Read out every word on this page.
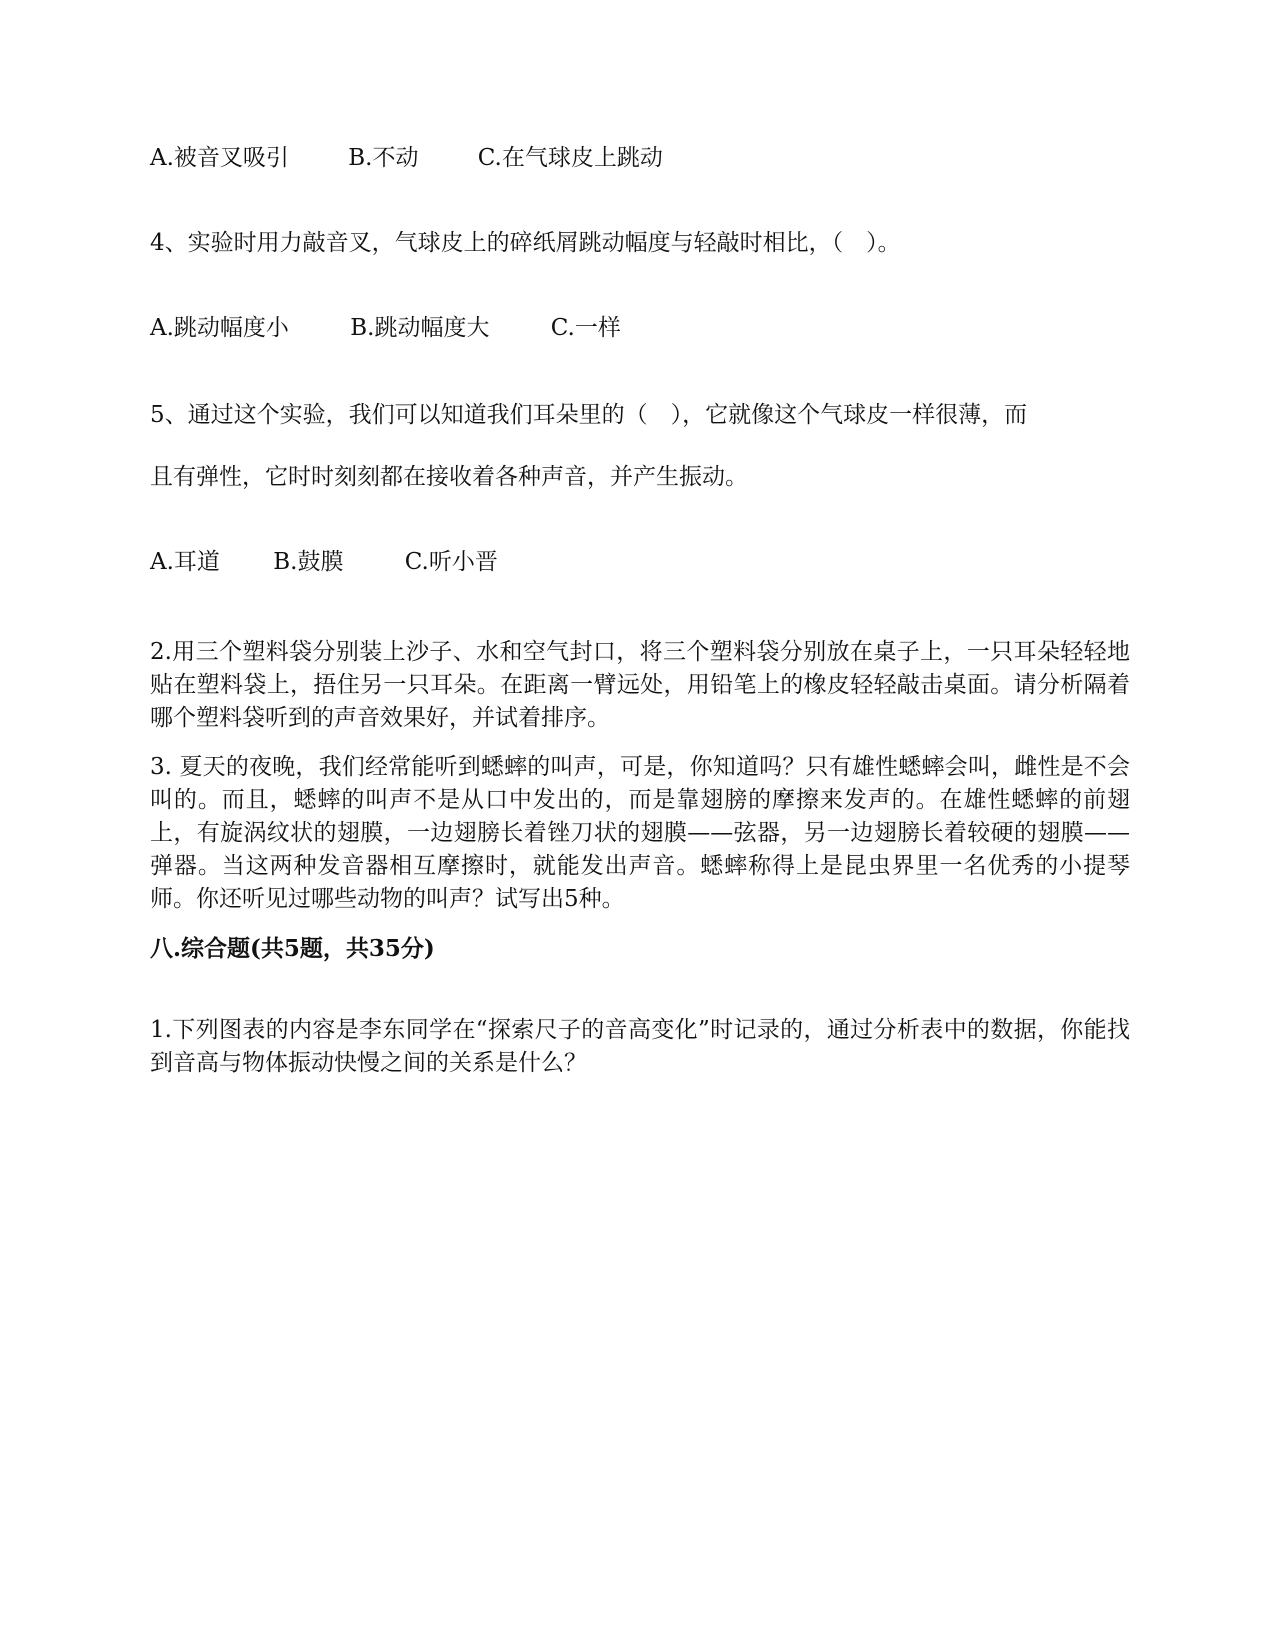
A.被音叉吸引	B.不动	C.在气球皮上跳动
4、实验时用力敲音叉，气球皮上的碎纸屑跳动幅度与轻敲时相比，（　）。
A.跳动幅度小	B.跳动幅度大	C.一样
5、通过这个实验，我们可以知道我们耳朵里的（　），它就像这个气球皮一样很薄，而
且有弹性，它时时刻刻都在接收着各种声音，并产生振动。
A.耳道 B.鼓膜	C.听小晋
2.用三个塑料袋分别装上沙子、水和空气封口，将三个塑料袋分别放在桌子上，一只耳朵轻轻地贴在塑料袋上，捂住另一只耳朵。在距离一臂远处，用铅笔上的橡皮轻轻敲击桌面。请分析隔着哪个塑料袋听到的声音效果好，并试着排序。
3. 夏天的夜晚，我们经常能听到蟋蟀的叫声，可是，你知道吗？只有雄性蟋蟀会叫，雌性是不会叫的。而且，蟋蟀的叫声不是从口中发出的，而是靠翅膀的摩擦来发声的。在雄性蟋蟀的前翅上，有旋涡纹状的翅膜，一边翅膀长着锉刀状的翅膜——弦器，另一边翅膀长着较硬的翅膜——弹器。当这两种发音器相互摩擦时，就能发出声音。蟋蟀称得上是昆虫界里一名优秀的小提琴师。你还听见过哪些动物的叫声？试写出5种。
八.综合题(共5题，共35分)
1.下列图表的内容是李东同学在“探索尺子的音高变化”时记录的，通过分析表中的数据，你能找到音高与物体振动快慢之间的关系是什么？
